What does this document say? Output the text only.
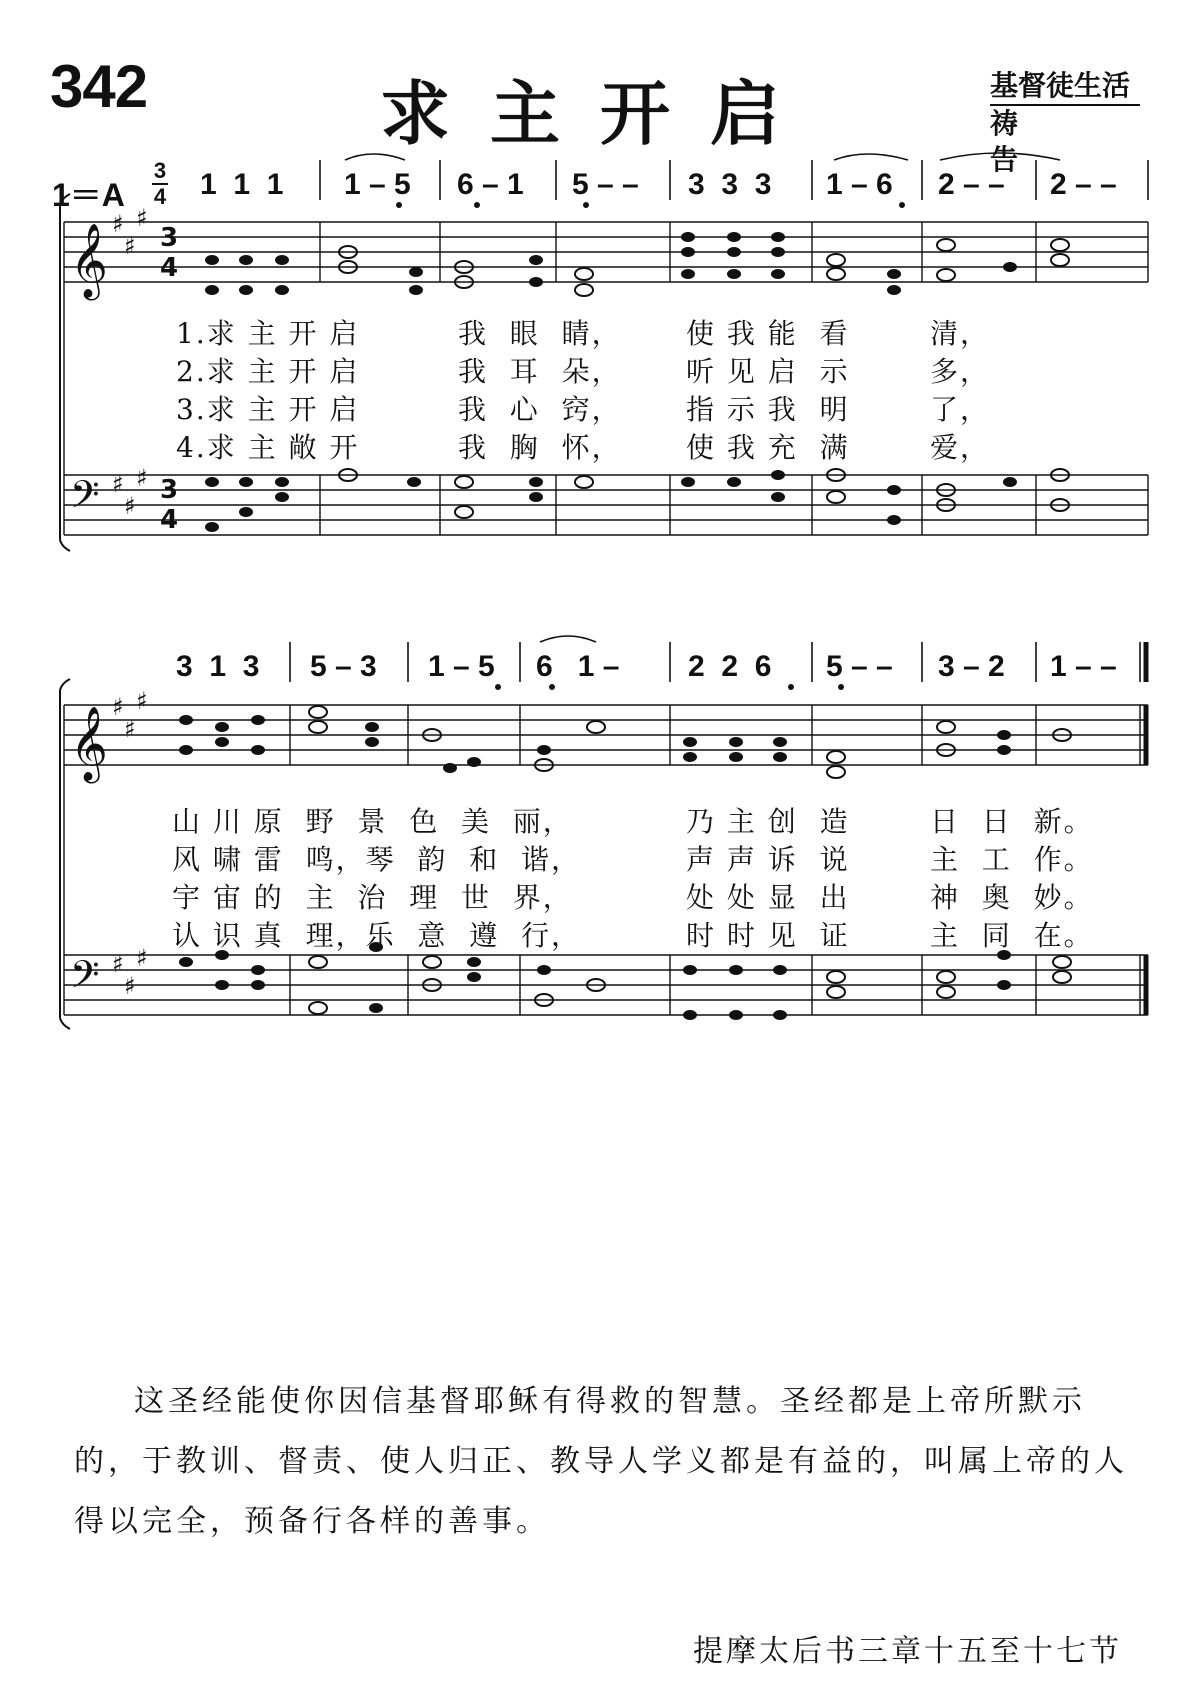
342	求主开启	基督徒生活
祷告
1＝A
3
4 1  1  1 1 – 5 6 – 1 5 – – 3  3  3 1 – 6 2 – – 2 – –
3  1  3 5 – 3 1 – 5 6   1 – 2  2  6 5 – – 3 – 2 1 – –
𝄞
𝄢
𝄞
𝄢
♯
♯
♯
♯
♯
♯
♯
♯
♯
♯
♯
♯
3
4
3
4
1.求 主 开 启
2.求 主 开 启
3.求 主 开 启
4.求 主 敞 开
我  眼  睛，
我  耳  朵，
我  心  窍，
我  胸  怀，
使 我 能  看
听 见 启  示
指 示 我  明
使 我 充  满
清，
多，
了，
爱，
山 川 原  野  景  色  美  丽，
风 啸 雷  鸣，琴  韵  和  谐，
宇 宙 的  主  治  理  世  界，
认 识 真  理，乐  意  遵  行，
乃 主 创  造
声 声 诉  说
处 处 显  出
时 时 见  证
日  日  新。
主  工  作。
神  奥  妙。
主  同  在。
这圣经能使你因信基督耶稣有得救的智慧。圣经都是上帝所默示的，于教训、督责、使人归正、教导人学义都是有益的，叫属上帝的人得以完全，预备行各样的善事。
提摩太后书三章十五至十七节
